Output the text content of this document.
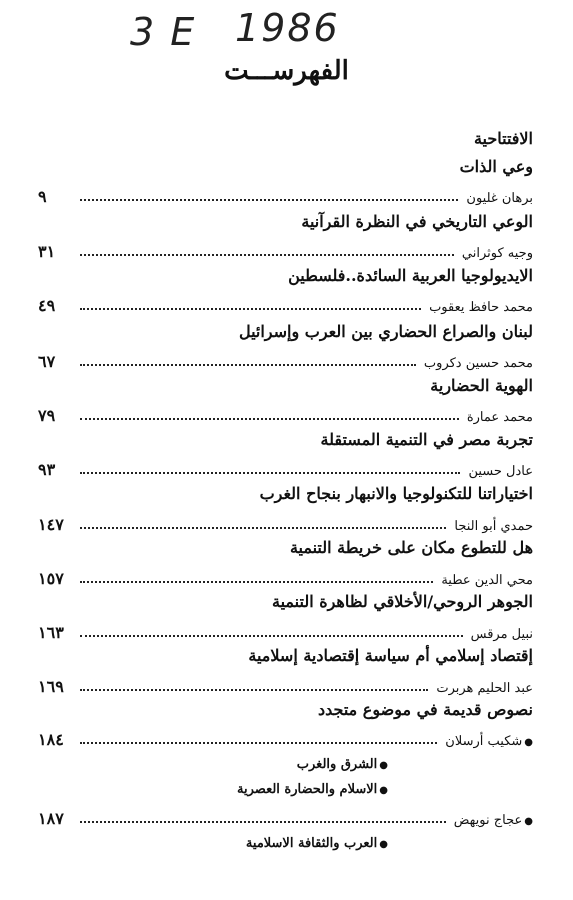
3 E 1986
الفهرســـت
الافتتاحية
وعي الذات
برهان غليون
٩
الوعي التاريخي في النظرة القرآنية
وجيه كوثراني
٣١
الايديولوجيا العربية السائدة..فلسطين
محمد حافظ يعقوب
٤٩
لبنان والصراع الحضاري بين العرب وإسرائيل
محمد حسين دكروب
٦٧
الهوية الحضارية
محمد عمارة
٧٩
تجربة مصر في التنمية المستقلة
عادل حسين
٩٣
اختياراتنا للتكنولوجيا والانبهار بنجاح الغرب
حمدي أبو النجا
١٤٧
هل للتطوع مكان على خريطة التنمية
محي الدين عطية
١٥٧
الجوهر الروحي/الأخلاقي لظاهرة التنمية
نبيل مرقس
١٦٣
إقتصاد إسلامي أم سياسة إقتصادية إسلامية
عبد الحليم هربرت
١٦٩
نصوص قديمة في موضوع متجدد
●شكيب أرسلان
١٨٤
●الشرق والغرب
●الاسلام والحضارة العصرية
●عجاج نويهض
١٨٧
●العرب والثقافة الاسلامية
